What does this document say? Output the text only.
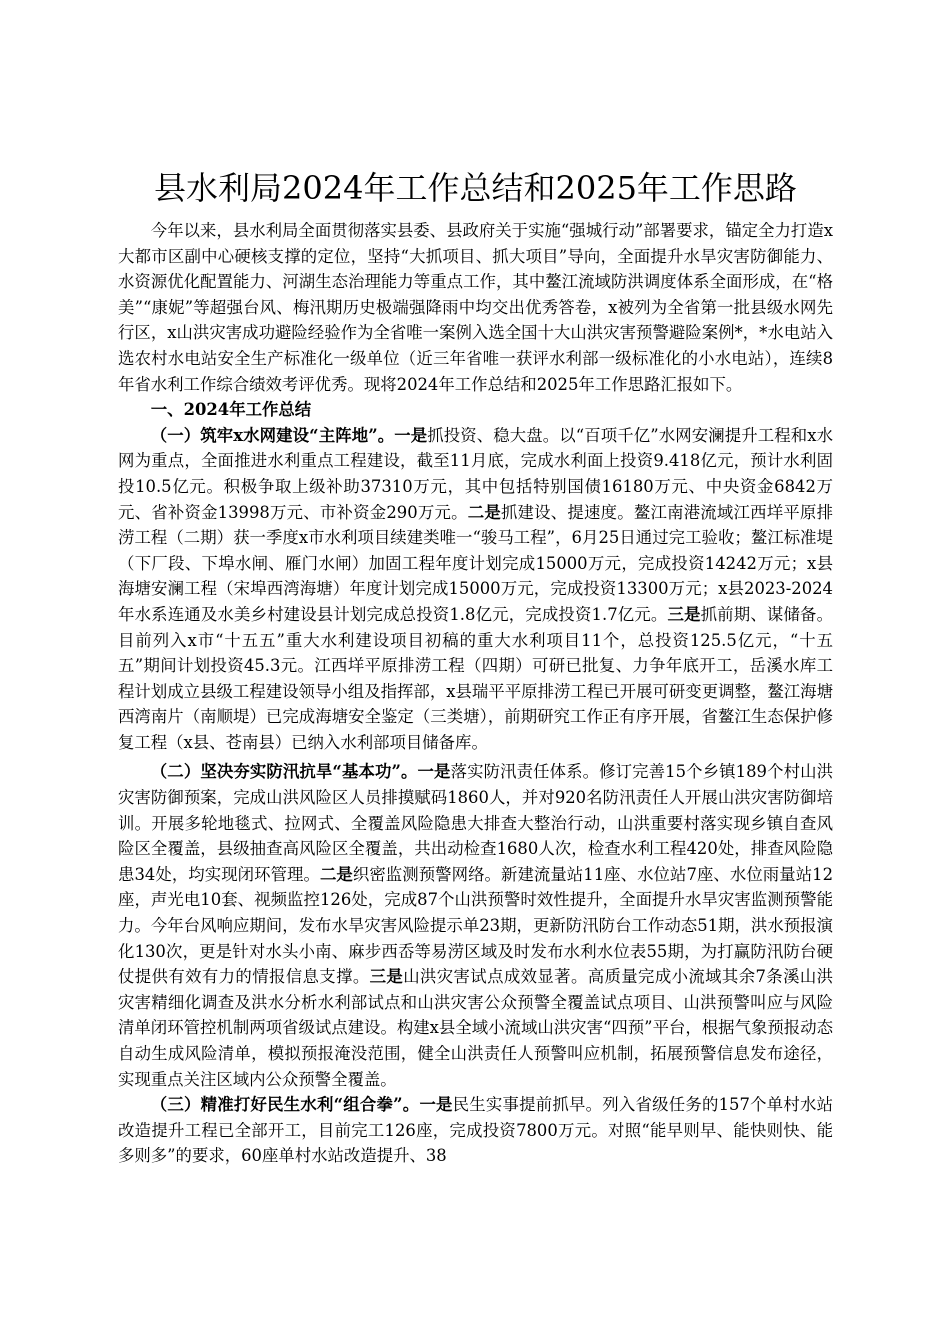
县水利局2024年工作总结和2025年工作思路

今年以来，县水利局全面贯彻落实县委、县政府关于实施“强城行动”部署要求，锚定全力打造x大都市区副中心硬核支撑的定位，坚持“大抓项目、抓大项目”导向，全面提升水旱灾害防御能力、水资源优化配置能力、河湖生态治理能力等重点工作，其中鳌江流域防洪调度体系全面形成，在“格美”“康妮”等超强台风、梅汛期历史极端强降雨中均交出优秀答卷，x被列为全省第一批县级水网先行区，x山洪灾害成功避险经验作为全省唯一案例入选全国十大山洪灾害预警避险案例*，*水电站入选农村水电站安全生产标准化一级单位（近三年省唯一获评水利部一级标准化的小水电站），连续8年省水利工作综合绩效考评优秀。现将2024年工作总结和2025年工作思路汇报如下。

一、2024年工作总结

（一）筑牢x水网建设“主阵地”。一是抓投资、稳大盘。以“百项千亿”水网安澜提升工程和x水网为重点，全面推进水利重点工程建设，截至11月底，完成水利面上投资9.418亿元，预计水利固投10.5亿元。积极争取上级补助37310万元，其中包括特别国债16180万元、中央资金6842万元、省补资金13998万元、市补资金290万元。二是抓建设、提速度。鳌江南港流域江西垟平原排涝工程（二期）获一季度x市水利项目续建类唯一“骏马工程”，6月25日通过完工验收；鳌江标准堤（下厂段、下埠水闸、雁门水闸）加固工程年度计划完成15000万元，完成投资14242万元；x县海塘安澜工程（宋埠西湾海塘）年度计划完成15000万元，完成投资13300万元；x县2023-2024年水系连通及水美乡村建设县计划完成总投资1.8亿元，完成投资1.7亿元。三是抓前期、谋储备。目前列入x市“十五五”重大水利建设项目初稿的重大水利项目11个，总投资125.5亿元，“十五五”期间计划投资45.3元。江西垟平原排涝工程（四期）可研已批复、力争年底开工，岳溪水库工程计划成立县级工程建设领导小组及指挥部，x县瑞平平原排涝工程已开展可研变更调整，鳌江海塘西湾南片（南顺堤）已完成海塘安全鉴定（三类塘），前期研究工作正有序开展，省鳌江生态保护修复工程（x县、苍南县）已纳入水利部项目储备库。

（二）坚决夯实防汛抗旱“基本功”。一是落实防汛责任体系。修订完善15个乡镇189个村山洪灾害防御预案，完成山洪风险区人员排摸赋码1860人，并对920名防汛责任人开展山洪灾害防御培训。开展多轮地毯式、拉网式、全覆盖风险隐患大排查大整治行动，山洪重要村落实现乡镇自查风险区全覆盖，县级抽查高风险区全覆盖，共出动检查1680人次，检查水利工程420处，排查风险隐患34处，均实现闭环管理。二是织密监测预警网络。新建流量站11座、水位站7座、水位雨量站12座，声光电10套、视频监控126处，完成87个山洪预警时效性提升，全面提升水旱灾害监测预警能力。今年台风响应期间，发布水旱灾害风险提示单23期，更新防汛防台工作动态51期，洪水预报演化130次，更是针对水头小南、麻步西岙等易涝区域及时发布水利水位表55期，为打赢防汛防台硬仗提供有效有力的情报信息支撑。三是山洪灾害试点成效显著。高质量完成小流域其余7条溪山洪灾害精细化调查及洪水分析水利部试点和山洪灾害公众预警全覆盖试点项目、山洪预警叫应与风险清单闭环管控机制两项省级试点建设。构建x县全域小流域山洪灾害“四预”平台，根据气象预报动态自动生成风险清单，模拟预报淹没范围，健全山洪责任人预警叫应机制，拓展预警信息发布途径，实现重点关注区域内公众预警全覆盖。

（三）精准打好民生水利“组合拳”。一是民生实事提前抓早。列入省级任务的157个单村水站改造提升工程已全部开工，目前完工126座，完成投资7800万元。对照“能早则早、能快则快、能多则多”的要求，60座单村水站改造提升、38
